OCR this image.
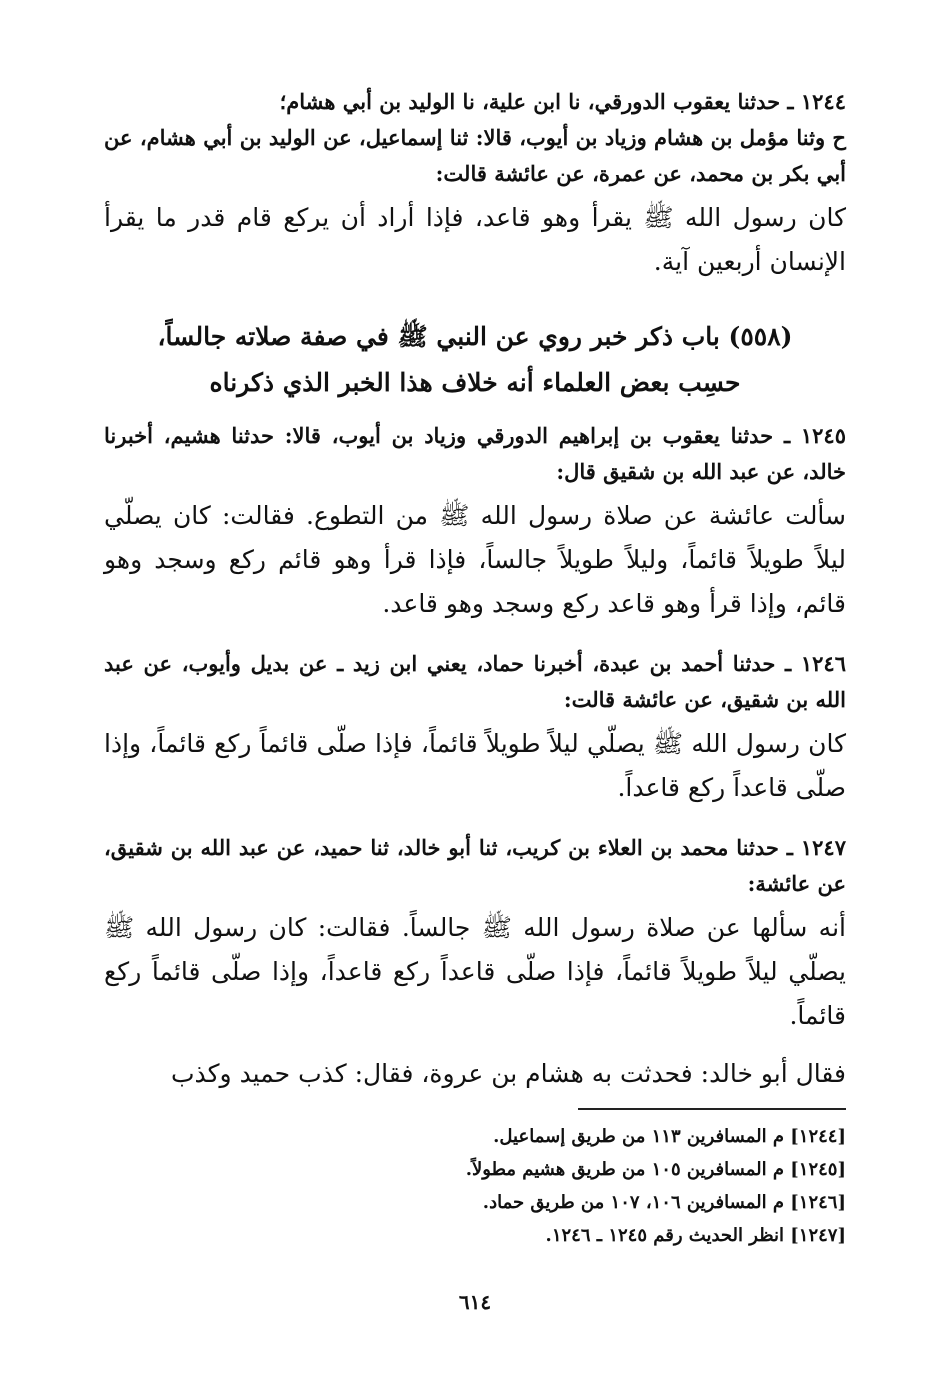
١٢٤٤ ـ حدثنا يعقوب الدورقي، نا ابن علية، نا الوليد بن أبي هشام؛

ح وثنا مؤمل بن هشام وزياد بن أيوب، قالا: ثنا إسماعيل، عن الوليد بن أبي هشام، عن أبي بكر بن محمد، عن عمرة، عن عائشة قالت:

كان رسول الله ﷺ يقرأ وهو قاعد، فإذا أراد أن يركع قام قدر ما يقرأ الإنسان أربعين آية.

(٥٥٨) باب ذكر خبر روي عن النبي ﷺ في صفة صلاته جالساً،
حسِب بعض العلماء أنه خلاف هذا الخبر الذي ذكرناه

١٢٤٥ ـ حدثنا يعقوب بن إبراهيم الدورقي وزياد بن أيوب، قالا: حدثنا هشيم، أخبرنا خالد، عن عبد الله بن شقيق قال:

سألت عائشة عن صلاة رسول الله ﷺ من التطوع. فقالت: كان يصلّي ليلاً طويلاً قائماً، وليلاً طويلاً جالساً، فإذا قرأ وهو قائم ركع وسجد وهو قائم، وإذا قرأ وهو قاعد ركع وسجد وهو قاعد.

١٢٤٦ ـ حدثنا أحمد بن عبدة، أخبرنا حماد، يعني ابن زيد ـ عن بديل وأيوب، عن عبد الله بن شقيق، عن عائشة قالت:

كان رسول الله ﷺ يصلّي ليلاً طويلاً قائماً، فإذا صلّى قائماً ركع قائماً، وإذا صلّى قاعداً ركع قاعداً.

١٢٤٧ ـ حدثنا محمد بن العلاء بن كريب، ثنا أبو خالد، ثنا حميد، عن عبد الله بن شقيق، عن عائشة:

أنه سألها عن صلاة رسول الله ﷺ جالساً. فقالت: كان رسول الله ﷺ يصلّي ليلاً طويلاً قائماً، فإذا صلّى قاعداً ركع قاعداً، وإذا صلّى قائماً ركع قائماً.

فقال أبو خالد: فحدثت به هشام بن عروة، فقال: كذب حميد وكذب

[١٢٤٤] م المسافرين ١١٣ من طريق إسماعيل.

[١٢٤٥] م المسافرين ١٠٥ من طريق هشيم مطولاً.

[١٢٤٦] م المسافرين ١٠٦، ١٠٧ من طريق حماد.

[١٢٤٧] انظر الحديث رقم ١٢٤٥ ـ ١٢٤٦.

٦١٤
